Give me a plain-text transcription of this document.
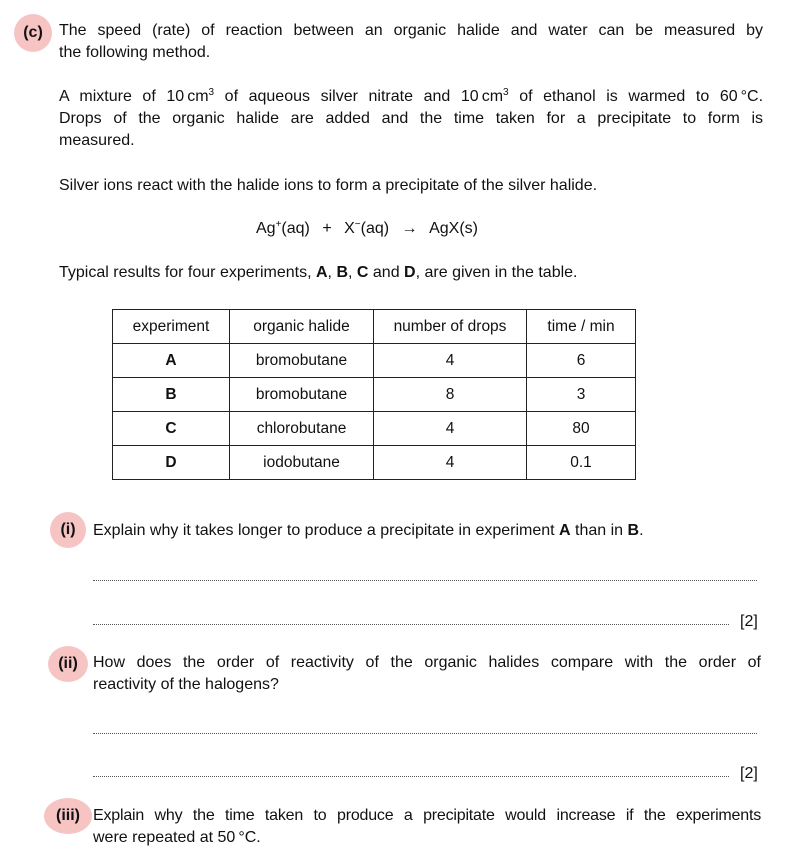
(c)	The speed (rate) of reaction between an organic halide and water can be measured by
the following method.
A mixture of 10 $cm^3$ of aqueous silver nitrate and 10 $cm^3$ of ethanol is warmed to 60 °C.
Drops of the organic halide are added and the time taken for a precipitate to form is
measured.
Silver ions react with the halide ions to form a precipitate of the silver halide.
Ag+(aq) + X−(aq) → AgX(s)
Typical results for four experiments, A, B, C and D, are given in the table.
experiment	organic halide	number of drops	time / min
A	bromobutane	4	6
B	bromobutane	8	3
C	chlorobutane	4	80
D	iodobutane	4	0.1
(i)	Explain why it takes longer to produce a precipitate in experiment A than in B.
[2]
(ii) How does the order of reactivity of the organic halides compare with the order of
reactivity of the halogens?
[2]
(iii) Explain why the time taken to produce a precipitate would increase if the experiments
were repeated at 50 °C.
